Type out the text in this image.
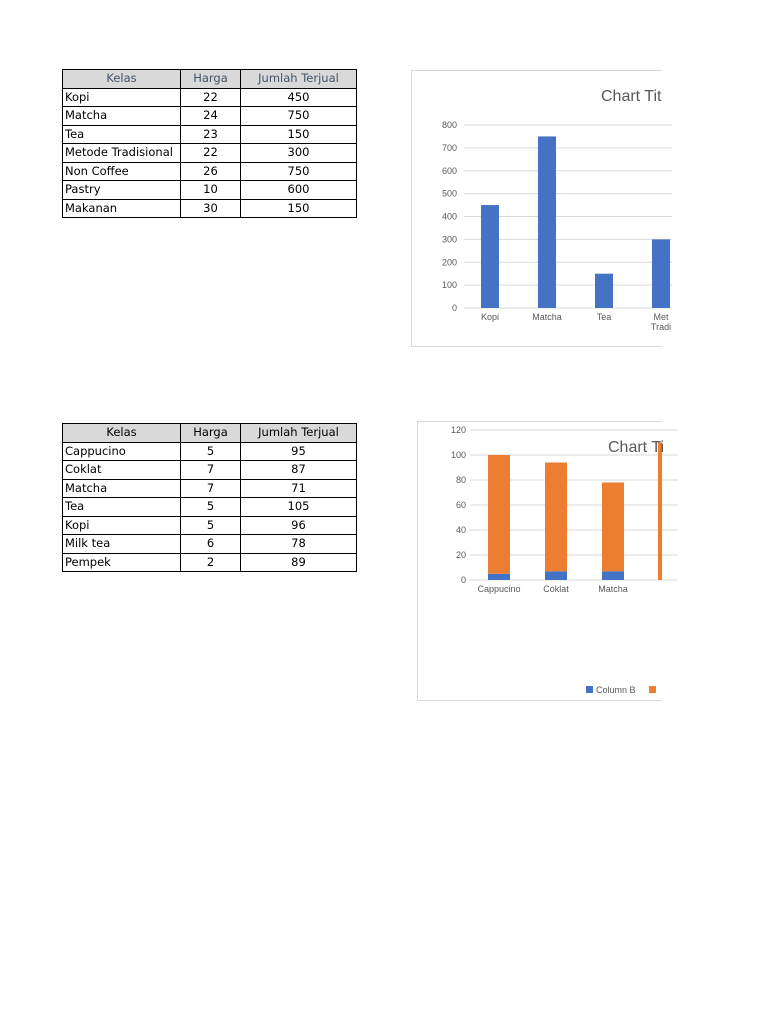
Kelas	Harga	Jumlah Terjual
Kopi	22	450
Matcha	24	750
Tea	23	150
Metode Tradisional	22	300
Non Coffee	26	750
Pastry	10	600
Makanan	30	150
Kelas	Harga	Jumlah Terjual
Cappucino	5	95
Coklat	7	87
Matcha	7	71
Tea	5	105
Kopi	5	96
Milk tea	6	78
Pempek	2	89
Chart Tit
0
100
200
300
400
500
600
700
800
Kopi	Matcha	Tea	Met
Tradi
0
20
40
60
80
100
120
Cappucino	Coklat	Matcha
Chart Ti
Column B
